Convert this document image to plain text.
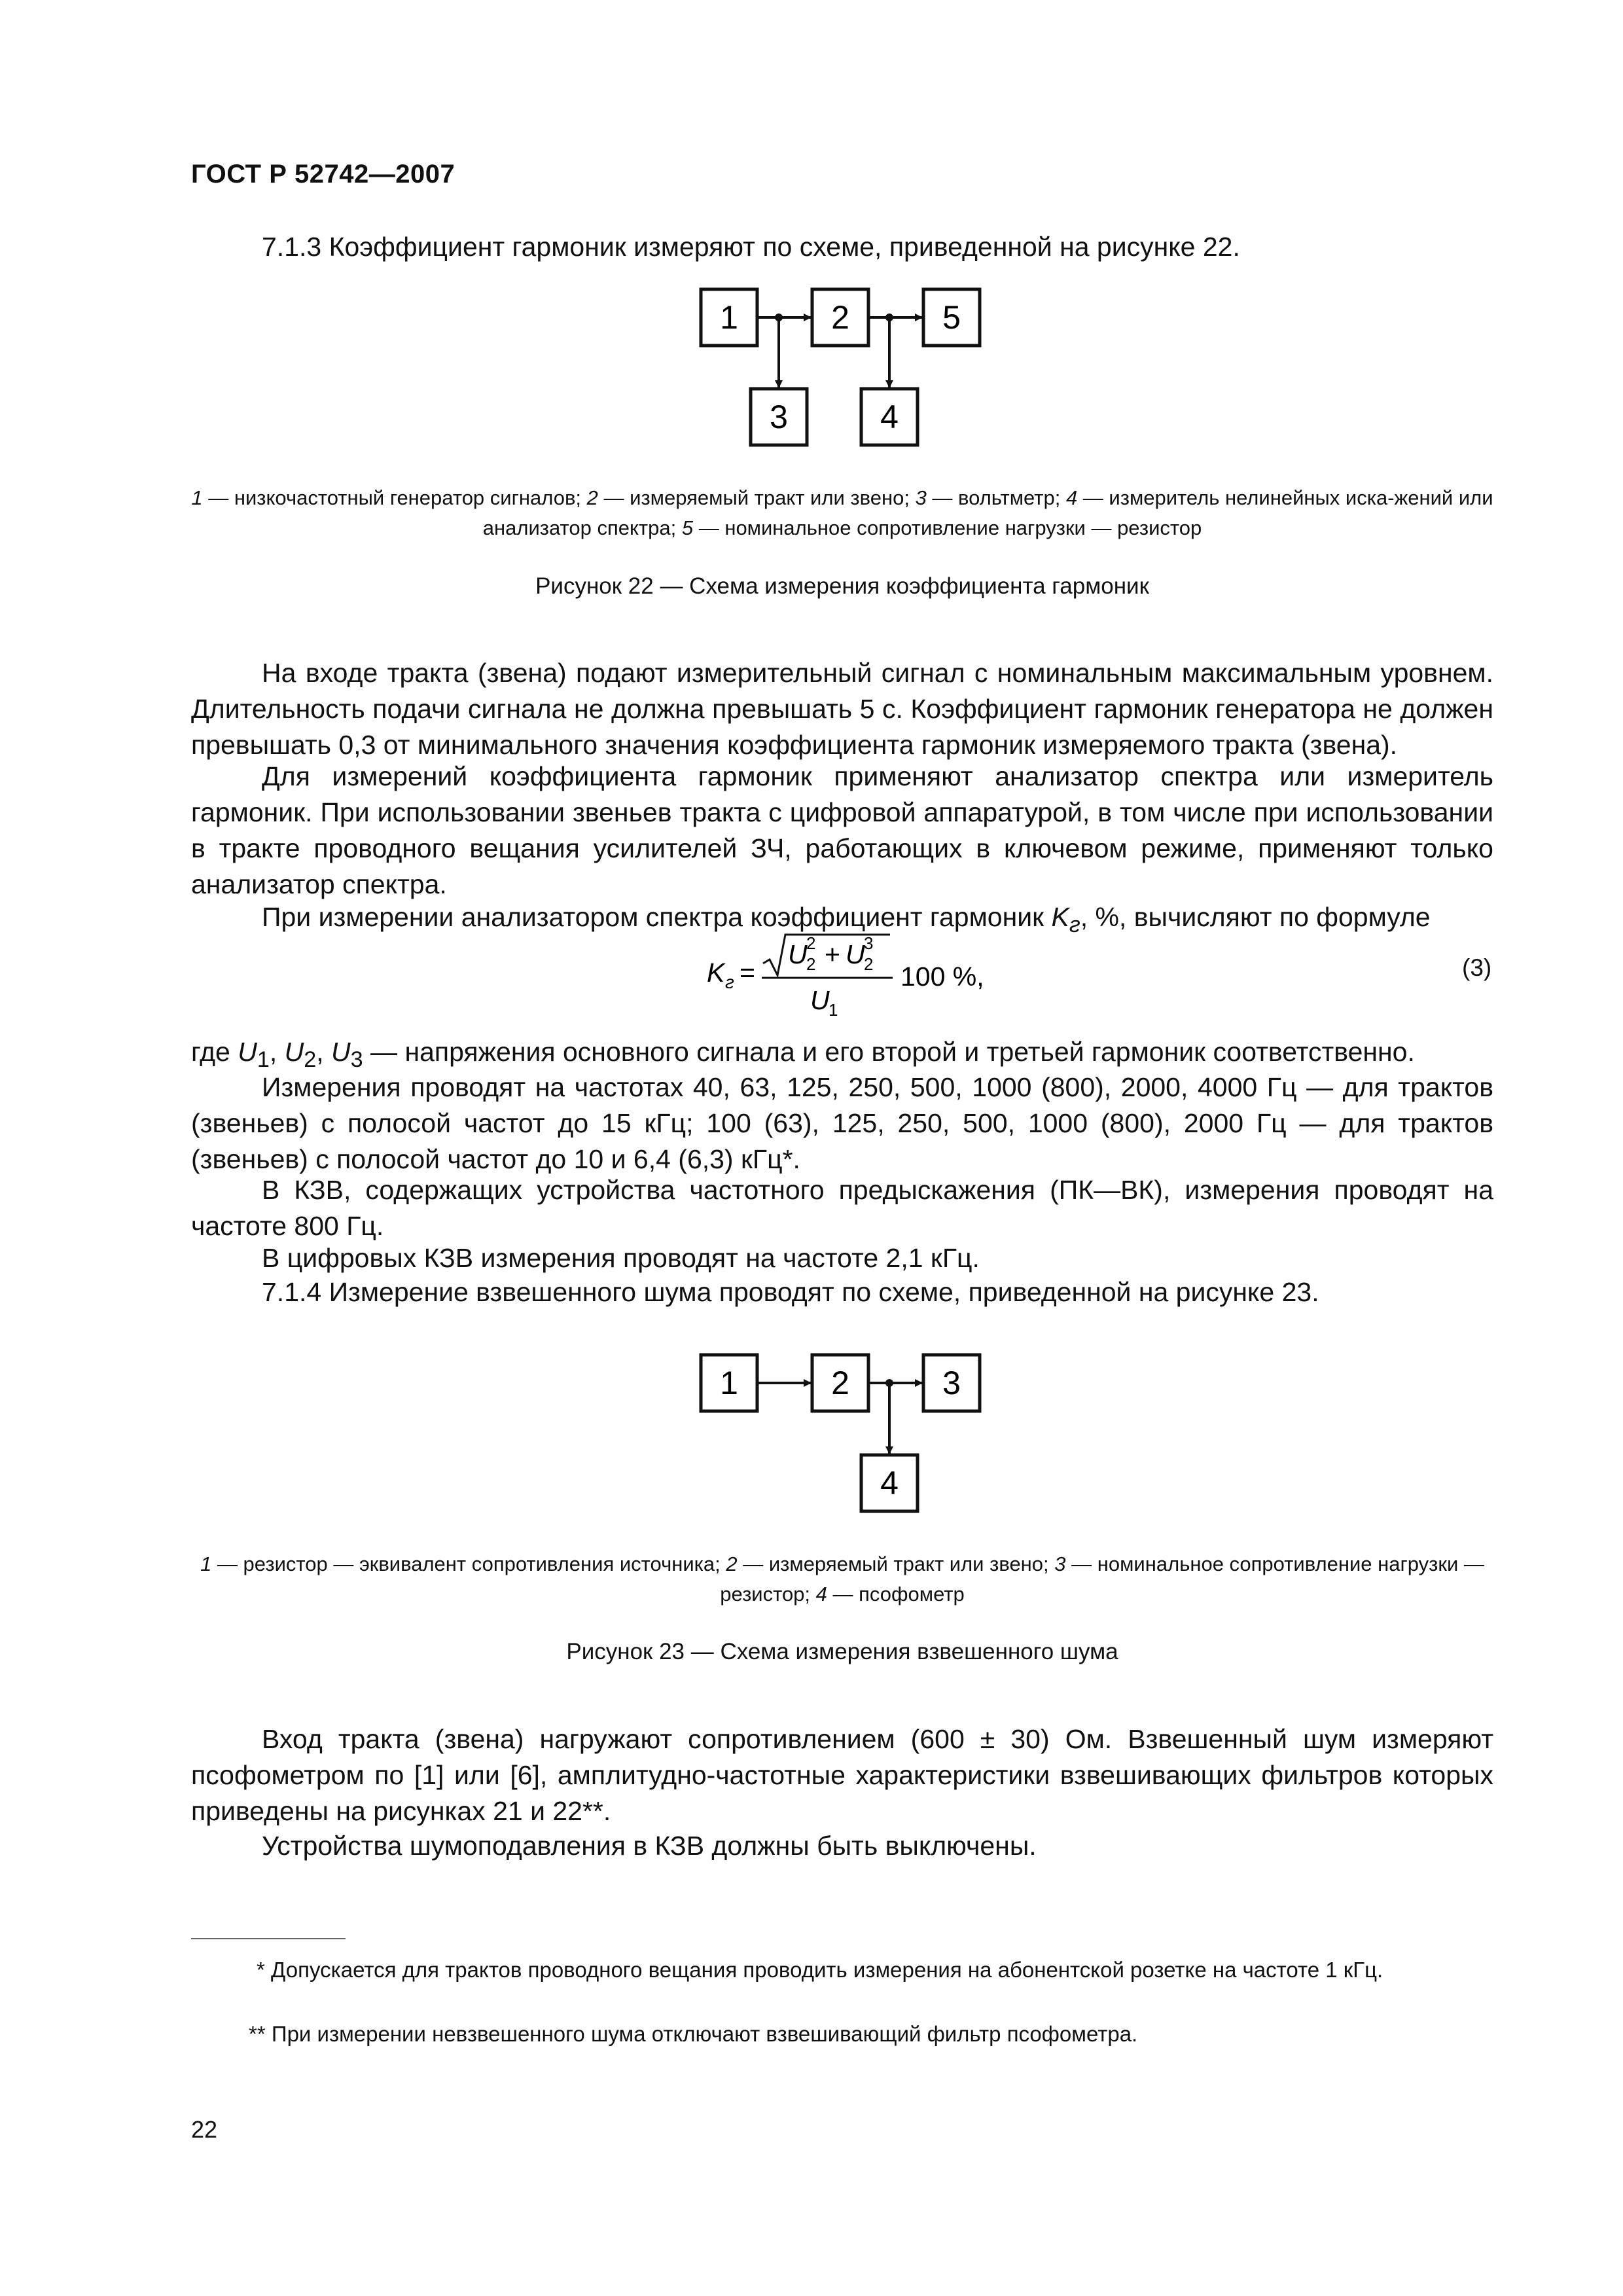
ГОСТ Р 52742—2007

7.1.3 Коэффициент гармоник измеряют по схеме, приведенной на рисунке 22.

1	2	5
3	4
1	2	3
4

1 — низкочастотный генератор сигналов; 2 — измеряемый тракт или звено; 3 — вольтметр; 4 — измеритель нелинейных иска-жений или анализатор спектра; 5 — номинальное сопротивление нагрузки — резистор

Рисунок 22 — Схема измерения коэффициента гармоник

На входе тракта (звена) подают измерительный сигнал с номинальным максимальным уровнем. Длительность подачи сигнала не должна превышать 5 с. Коэффициент гармоник генератора не должен превышать 0,3 от минимального значения коэффициента гармоник измеряемого тракта (звена).

Для измерений коэффициента гармоник применяют анализатор спектра или измеритель гармоник. При использовании звеньев тракта с цифровой аппаратурой, в том числе при использовании в тракте проводного вещания усилителей ЗЧ, работающих в ключевом режиме, применяют только анализатор спектра.

При измерении анализатором спектра коэффициент гармоник $K_г$, %, вычисляют по формуле

K г =
U
2
2 + U
3
2
U
1
100 %,	(3)

где $U_1$, $U_2$, $U_3$ — напряжения основного сигнала и его второй и третьей гармоник соответственно.

Измерения проводят на частотах 40, 63, 125, 250, 500, 1000 (800), 2000, 4000 Гц — для трактов (звеньев) с полосой частот до 15 кГц; 100 (63), 125, 250, 500, 1000 (800), 2000 Гц — для трактов (звеньев) с полосой частот до 10 и 6,4 (6,3) кГц*.

В КЗВ, содержащих устройства частотного предыскажения (ПК—ВК), измерения проводят на частоте 800 Гц.

В цифровых КЗВ измерения проводят на частоте 2,1 кГц.

7.1.4 Измерение взвешенного шума проводят по схеме, приведенной на рисунке 23.

1 — резистор — эквивалент сопротивления источника; 2 — измеряемый тракт или звено; 3 — номинальное сопротивление нагрузки — резистор; 4 — псофометр

Рисунок 23 — Схема измерения взвешенного шума

Вход тракта (звена) нагружают сопротивлением (600 ± 30) Ом. Взвешенный шум измеряют псофометром по [1] или [6], амплитудно-частотные характеристики взвешивающих фильтров которых приведены на рисунках 21 и 22**.

Устройства шумоподавления в КЗВ должны быть выключены.

* Допускается для трактов проводного вещания проводить измерения на абонентской розетке на частоте 1 кГц.

** При измерении невзвешенного шума отключают взвешивающий фильтр псофометра.

22
